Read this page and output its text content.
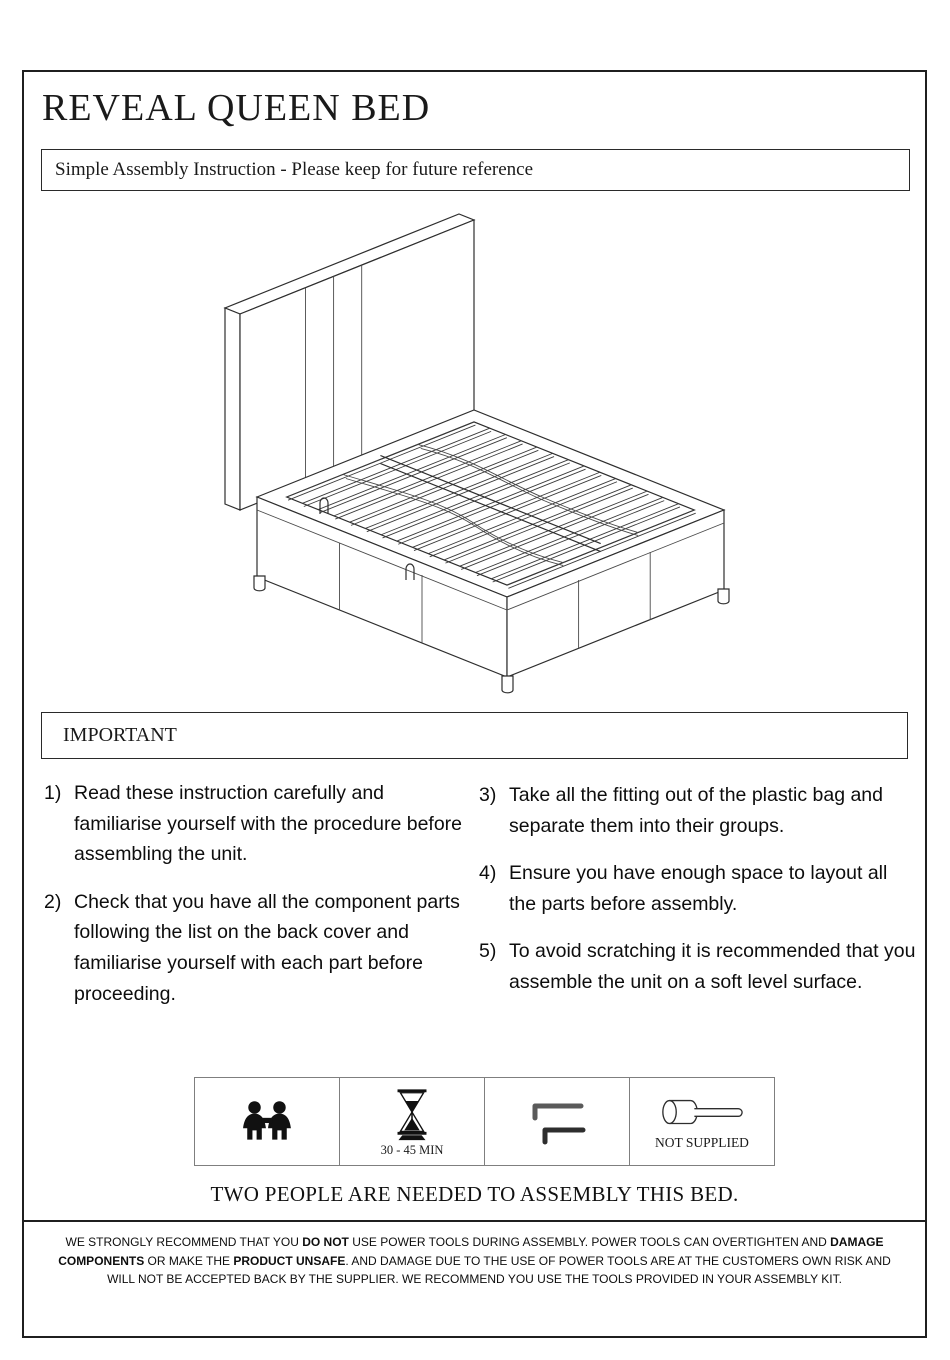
REVEAL QUEEN BED
Simple Assembly Instruction - Please keep for future reference
IMPORTANT
1) Read these instruction carefully and familiarise yourself with the procedure before assembling the unit.
2) Check that you have all the component parts following the list on the back cover and familiarise yourself with each part before proceeding.
3) Take all the fitting out of the plastic bag and separate them into their groups.
4) Ensure you have enough space to layout all the parts before assembly.
5) To avoid scratching it is recommended that you assemble the unit on a soft level surface.
30 - 45 MIN	NOT SUPPLIED
TWO PEOPLE ARE NEEDED TO ASSEMBLY THIS BED.

WE STRONGLY RECOMMEND THAT YOU DO NOT USE POWER TOOLS DURING ASSEMBLY. POWER TOOLS CAN OVERTIGHTEN AND DAMAGE COMPONENTS OR MAKE THE PRODUCT UNSAFE. AND DAMAGE DUE TO THE USE OF POWER TOOLS ARE AT THE CUSTOMERS OWN RISK AND WILL NOT BE ACCEPTED BACK BY THE SUPPLIER. WE RECOMMEND YOU USE THE TOOLS PROVIDED IN YOUR ASSEMBLY KIT.
